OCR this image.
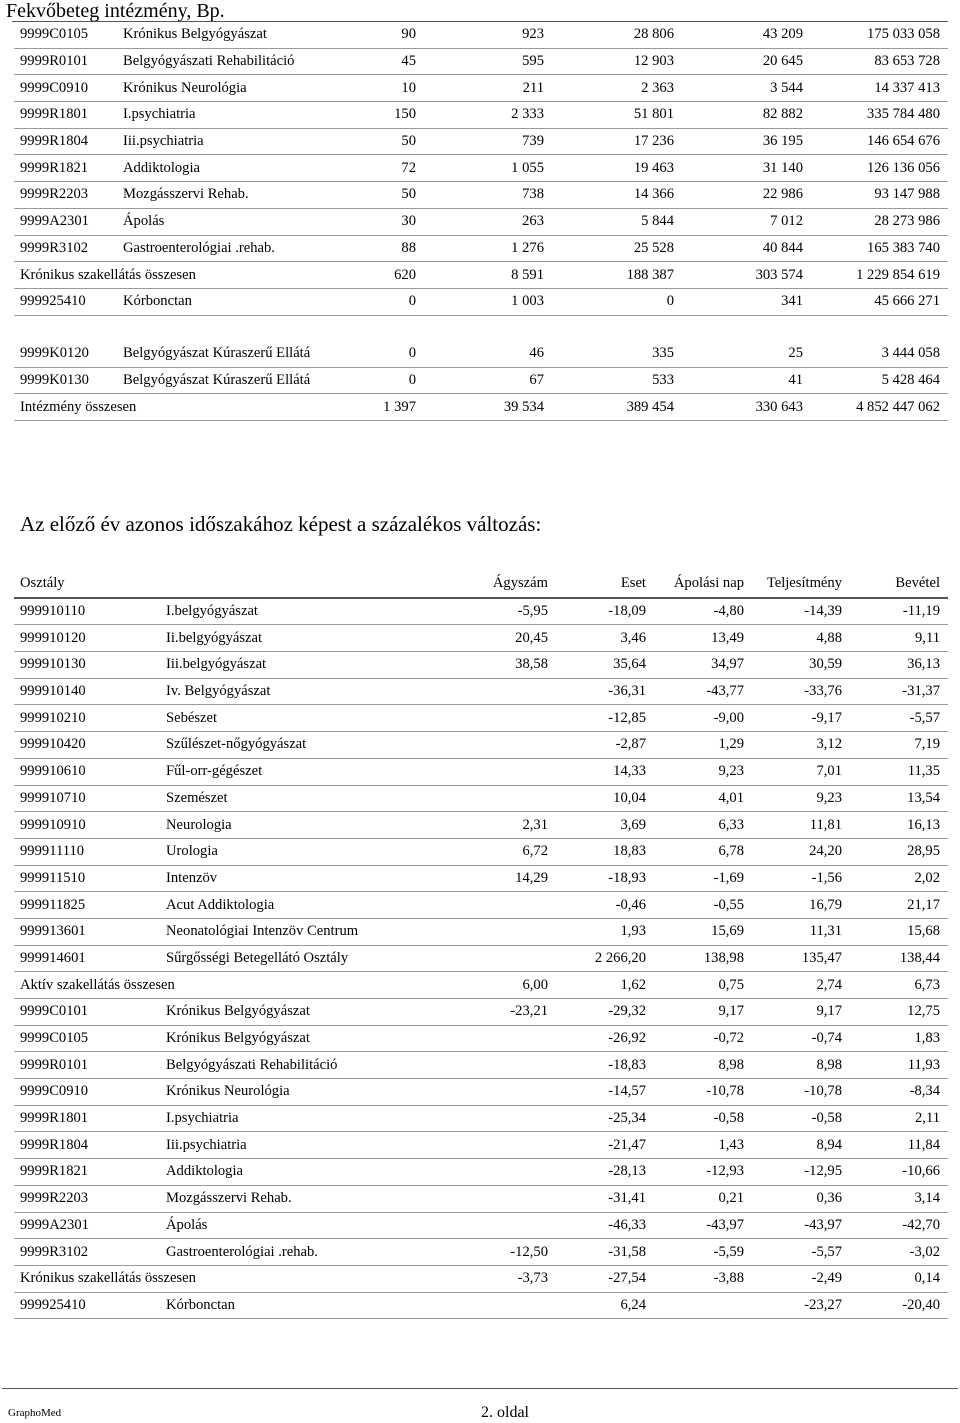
Fekvőbeteg intézmény, Bp.
9999C0105	Krónikus Belgyógyászat	90	923	28 806	43 209	175 033 058
9999R0101	Belgyógyászati Rehabilitáció	45	595	12 903	20 645	83 653 728
9999C0910	Krónikus Neurológia	10	211	2 363	3 544	14 337 413
9999R1801	I.psychiatria	150	2 333	51 801	82 882	335 784 480
9999R1804	Iii.psychiatria	50	739	17 236	36 195	146 654 676
9999R1821	Addiktologia	72	1 055	19 463	31 140	126 136 056
9999R2203	Mozgásszervi Rehab.	50	738	14 366	22 986	93 147 988
9999A2301	Ápolás	30	263	5 844	7 012	28 273 986
9999R3102	Gastroenterológiai .rehab.	88	1 276	25 528	40 844	165 383 740
Krónikus szakellátás összesen		620	8 591	188 387	303 574	1 229 854 619
999925410	Kórbonctan	0	1 003	0	341	45 666 271
9999K0120	Belgyógyászat Kúraszerű Ellátá	0	46	335	25	3 444 058
9999K0130	Belgyógyászat Kúraszerű Ellátá	0	67	533	41	5 428 464
Intézmény összesen		1 397	39 534	389 454	330 643	4 852 447 062
Az előző év azonos időszakához képest a százalékos változás:
Osztály		Ágyszám	Eset	Ápolási nap	Teljesítmény	Bevétel
999910110	I.belgyógyászat	-5,95	-18,09	-4,80	-14,39	-11,19
999910120	Ii.belgyógyászat	20,45	3,46	13,49	4,88	9,11
999910130	Iii.belgyógyászat	38,58	35,64	34,97	30,59	36,13
999910140	Iv. Belgyógyászat		-36,31	-43,77	-33,76	-31,37
999910210	Sebészet		-12,85	-9,00	-9,17	-5,57
999910420	Szűlészet-nőgyógyászat		-2,87	1,29	3,12	7,19
999910610	Fűl-orr-gégészet		14,33	9,23	7,01	11,35
999910710	Szemészet		10,04	4,01	9,23	13,54
999910910	Neurologia	2,31	3,69	6,33	11,81	16,13
999911110	Urologia	6,72	18,83	6,78	24,20	28,95
999911510	Intenzöv	14,29	-18,93	-1,69	-1,56	2,02
999911825	Acut Addiktologia		-0,46	-0,55	16,79	21,17
999913601	Neonatológiai Intenzöv Centrum		1,93	15,69	11,31	15,68
999914601	Sűrgősségi Betegellátó Osztály		2 266,20	138,98	135,47	138,44
Aktív szakellátás összesen		6,00	1,62	0,75	2,74	6,73
9999C0101	Krónikus Belgyógyászat	-23,21	-29,32	9,17	9,17	12,75
9999C0105	Krónikus Belgyógyászat		-26,92	-0,72	-0,74	1,83
9999R0101	Belgyógyászati Rehabilitáció		-18,83	8,98	8,98	11,93
9999C0910	Krónikus Neurológia		-14,57	-10,78	-10,78	-8,34
9999R1801	I.psychiatria		-25,34	-0,58	-0,58	2,11
9999R1804	Iii.psychiatria		-21,47	1,43	8,94	11,84
9999R1821	Addiktologia		-28,13	-12,93	-12,95	-10,66
9999R2203	Mozgásszervi Rehab.		-31,41	0,21	0,36	3,14
9999A2301	Ápolás		-46,33	-43,97	-43,97	-42,70
9999R3102	Gastroenterológiai .rehab.	-12,50	-31,58	-5,59	-5,57	-3,02
Krónikus szakellátás összesen		-3,73	-27,54	-3,88	-2,49	0,14
999925410	Kórbonctan		6,24		-23,27	-20,40
GraphoMed	2. oldal
